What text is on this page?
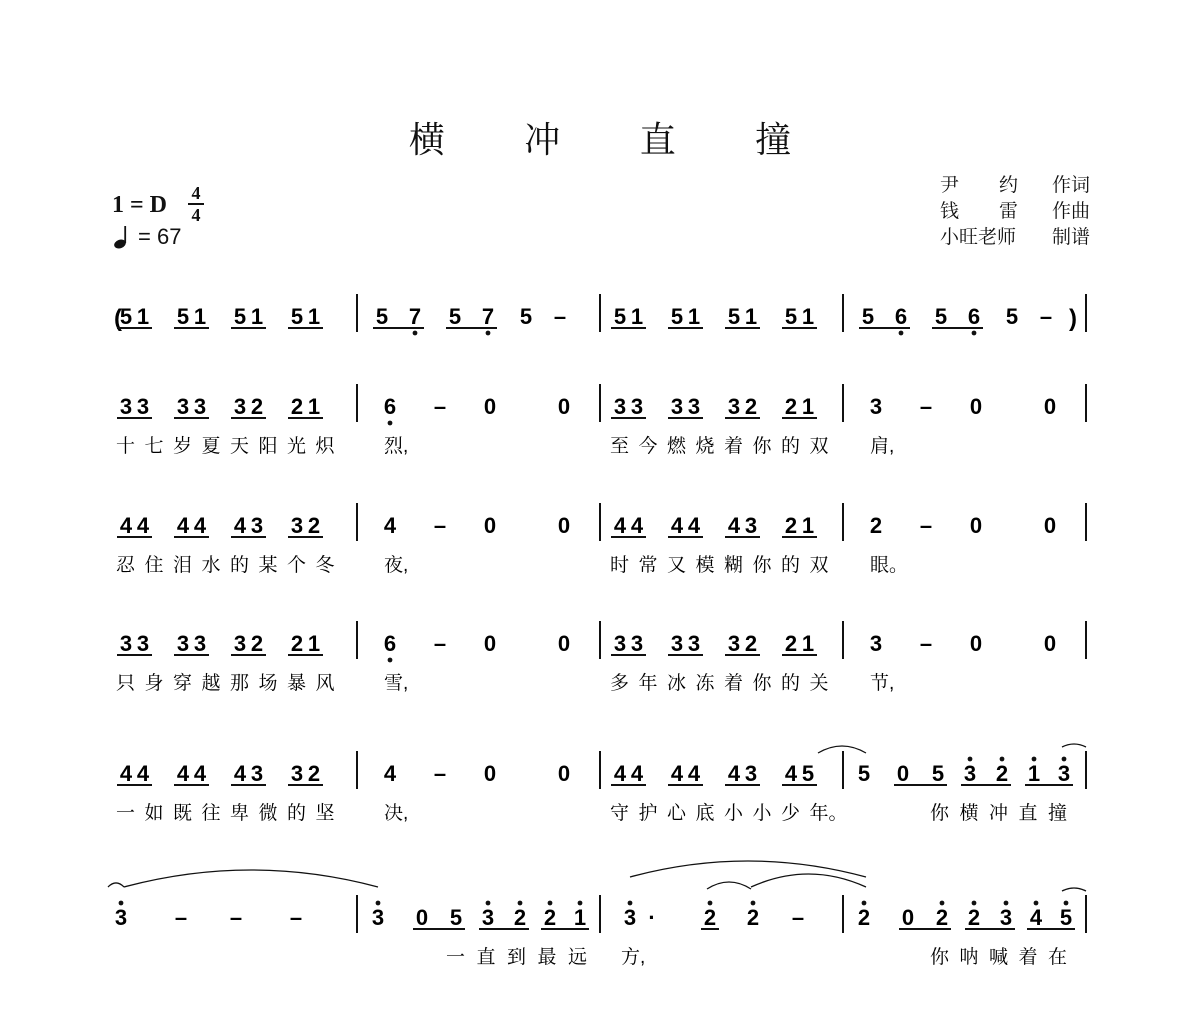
横 冲 直 撞
尹 约 作词
钱 雷 作曲
小旺老师 制谱
1 = D 4
4
= 67
(	)
5 1 5 1 5 1 5 1	5 7 5 7 5 – 5 1 5 1 5 1 5 1 5 6 5 6 5 –
3 3 3 3 3 2 2 1	6 – 0	0 3 3 3 3 3 2 2 1	3 – 0	0
十 七 岁 夏 天 阳 光 炽	烈,	至 今 燃 烧 着 你 的 双 肩,
4 4 4 4 4 3 3 2	4 – 0	0 4 4 4 4 4 3 2 1	2 – 0	0
忍 住 泪 水 的 某 个 冬	夜,	时 常 又 模 糊 你 的 双 眼。
3 3 3 3 3 2 2 1	6 – 0	0 3 3 3 3 3 2 2 1	3 – 0	0
只 身 穿 越 那 场 暴 风	雪,	多 年 冰 冻 着 你 的 关 节,
4 4 4 4 4 3 3 2	4 – 0	0 4 4 4 4 4 3 4 5 5 0 5 3 2 1 3
一 如 既 往 卑 微 的 坚	决,	守 护 心 底 小 小 少 年。	你 横 冲 直 撞
3 – – –	3 0 5 3 2 2 1 3 · 2 2 – 2 0 2 2 3 4 5
一 直 到 最 远 方,	你 呐 喊 着 在
